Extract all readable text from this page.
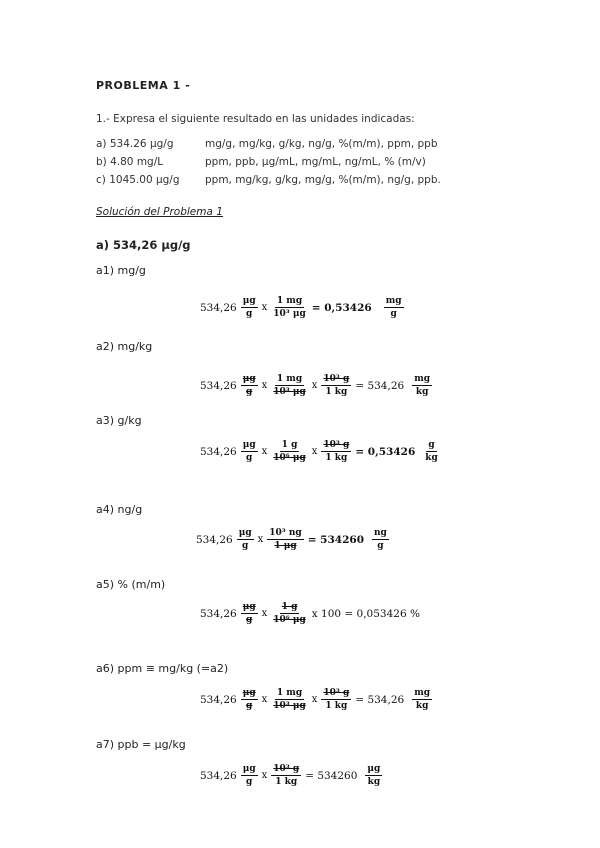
PROBLEMA 1 -
1.- Expresa el siguiente resultado en las unidades indicadas:
a) 534.26 μg/g	mg/g, mg/kg, g/kg, ng/g, %(m/m), ppm, ppb
b) 4.80 mg/L	ppm, ppb, μg/mL, mg/mL, ng/mL, % (m/v)
c) 1045.00 μg/g ppm, mg/kg, g/kg, mg/g, %(m/m), ng/g, ppb.
Solución del Problema 1
a) 534,26 μg/g
a1) mg/g
$534,26 \frac{\mu g}{g}$ x $\frac{1 mg}{\text{10³ μg}} = 0,53426 \frac{mg}{g}$
a2) mg/kg
$534,26 \frac{\mu g}{g}$ x $\frac{1 mg}{\text{10³ μg}}$ x $\frac{\text{10³ g}}{1 kg} = 534,26 \frac{mg}{kg}$
a3) g/kg
$534,26 \frac{\mu g}{g}$ x $\frac{1 g}{\text{10⁶ μg}}$ x $\frac{\text{10³ g}}{1 kg} = 0,53426 \frac{g}{kg}$
a4) ng/g
$534,26 \frac{\mu g}{g}$ x $\frac{\text{10³ ng}}{1 \mu g} = 534260 \frac{ng}{g}$
a5) % (m/m)
$534,26 \frac{\mu g}{g}$ x $\frac{1 g}{\text{10⁶ μg}}$ x 100 = 0,053426 %
a6) ppm ≡ mg/kg (=a2)
$534,26 \frac{\mu g}{g}$ x $\frac{1 mg}{\text{10³ μg}}$ x $\frac{\text{10³ g}}{1 kg} = 534,26 \frac{mg}{kg}$
a7) ppb = μg/kg
$534,26 \frac{\mu g}{g}$ x $\frac{\text{10³ g}}{1 kg} = 534260 \frac{\mu g}{kg}$
